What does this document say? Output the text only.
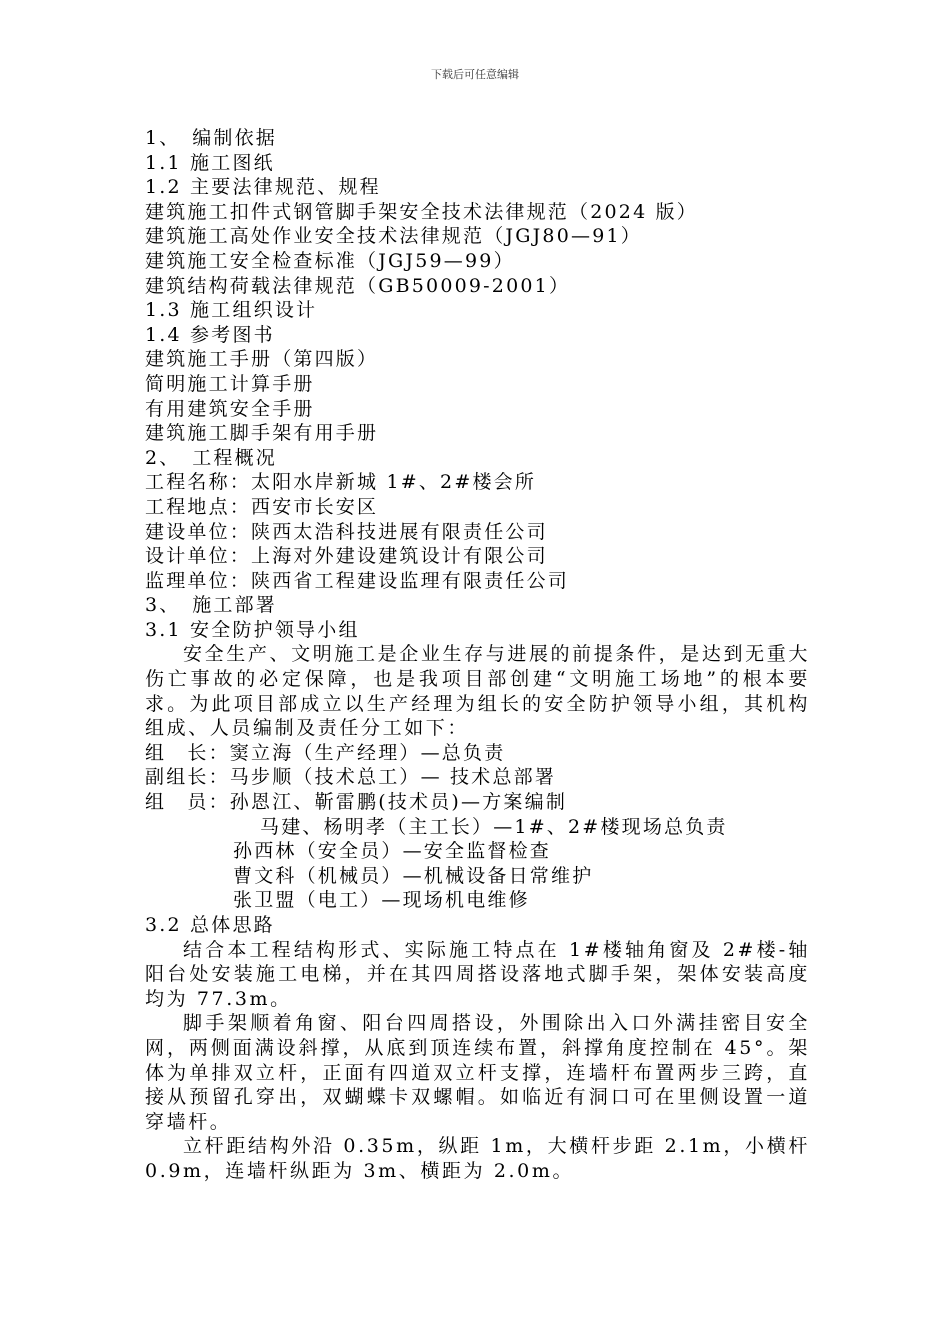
下载后可任意编辑
1、　编制依据
1.1 施工图纸
1.2 主要法律规范、规程
建筑施工扣件式钢管脚手架安全技术法律规范（2024 版）
建筑施工高处作业安全技术法律规范（JGJ80—91）
建筑施工安全检查标准（JGJ59—99）
建筑结构荷载法律规范（GB50009-2001）
1.3 施工组织设计
1.4 参考图书
建筑施工手册（第四版）
简明施工计算手册
有用建筑安全手册
建筑施工脚手架有用手册
2、　工程概况
工程名称：太阳水岸新城 1#、2#楼会所
工程地点：西安市长安区
建设单位：陕西太浩科技进展有限责任公司
设计单位：上海对外建设建筑设计有限公司
监理单位：陕西省工程建设监理有限责任公司
3、　施工部署
3.1 安全防护领导小组
安全生产、文明施工是企业生存与进展的前提条件，是达到无重大伤亡事故的必定保障，也是我项目部创建“文明施工场地”的根本要求。为此项目部成立以生产经理为组长的安全防护领导小组，其机构组成、人员编制及责任分工如下：
组　长：窦立海（生产经理）—总负责
副组长：马步顺（技术总工）— 技术总部署
组　员：孙恩江、靳雷鹏(技术员)—方案编制
马建、杨明孝（主工长）—1#、2#楼现场总负责
孙西林（安全员）—安全监督检查
曹文科（机械员）—机械设备日常维护
张卫盟（电工）—现场机电维修
3.2 总体思路
结合本工程结构形式、实际施工特点在 1#楼轴角窗及 2#楼-轴阳台处安装施工电梯，并在其四周搭设落地式脚手架，架体安装高度均为 77.3m。
脚手架顺着角窗、阳台四周搭设，外围除出入口外满挂密目安全网，两侧面满设斜撑，从底到顶连续布置，斜撑角度控制在 45°。架体为单排双立杆，正面有四道双立杆支撑，连墙杆布置两步三跨，直接从预留孔穿出，双蝴蝶卡双螺帽。如临近有洞口可在里侧设置一道穿墙杆。
立杆距结构外沿 0.35m，纵距 1m，大横杆步距 2.1m，小横杆 0.9m，连墙杆纵距为 3m、横距为 2.0m。
